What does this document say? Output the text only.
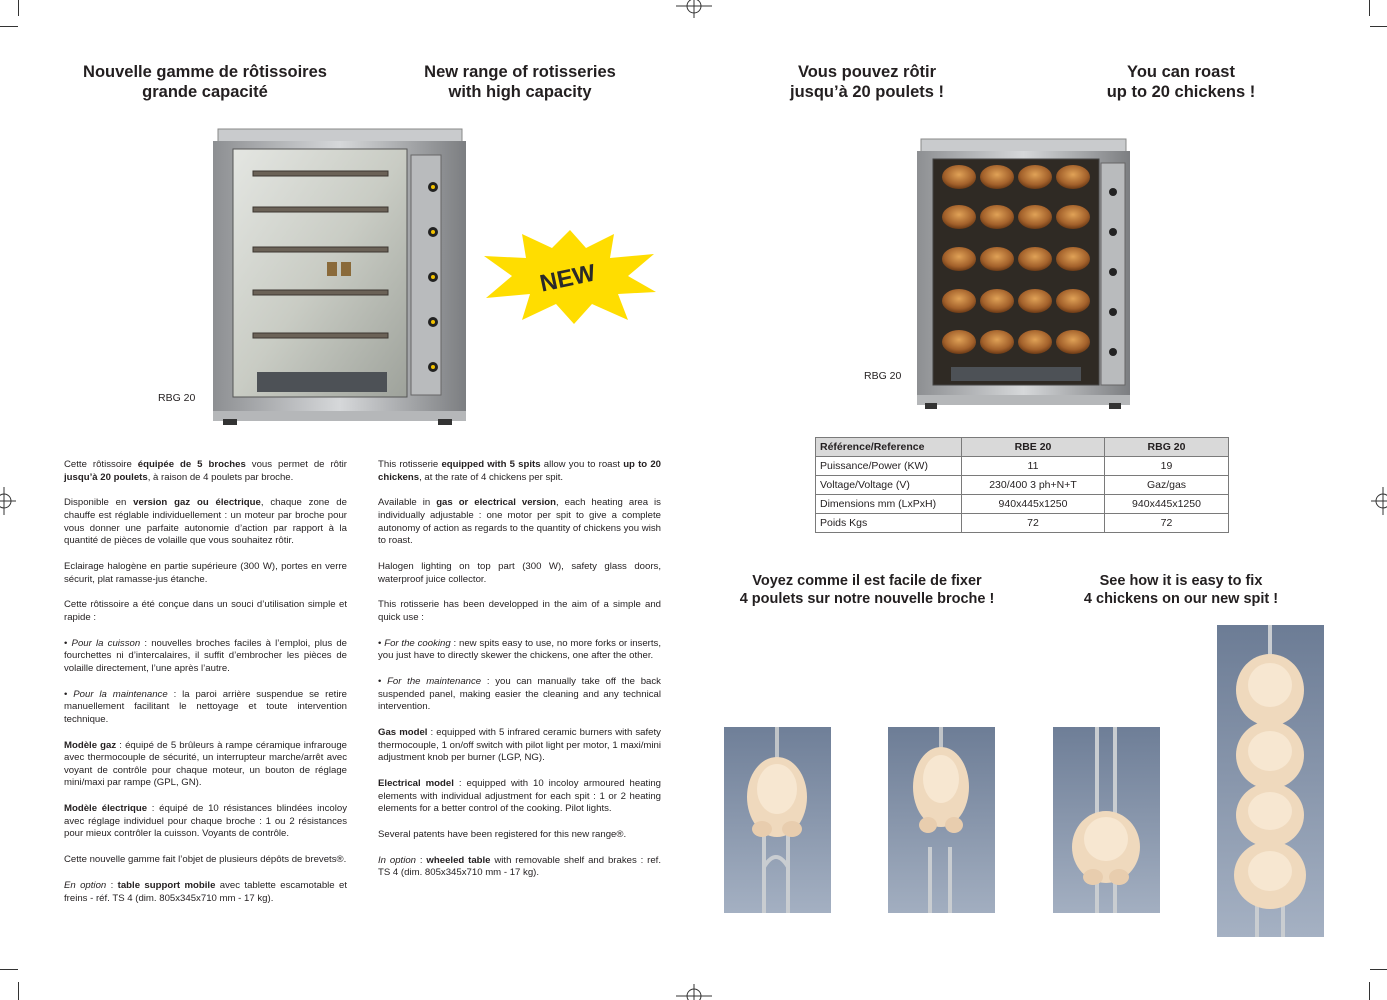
Nouvelle gamme de rôtissoires
grande capacité
New range of rotisseries
with high capacity
Vous pouvez rôtir
jusqu’à 20 poulets !
You can roast
up to 20 chickens !
RBG 20
NEW
RBG 20

Cette rôtissoire équipée de 5 broches vous permet de rôtir jusqu’à 20 poulets, à raison de 4 poulets par broche.

Disponible en version gaz ou électrique, chaque zone de chauffe est réglable individuellement : un moteur par broche pour vous donner une parfaite autonomie d’action par rapport à la quantité de pièces de volaille que vous souhaitez rôtir.

Eclairage halogène en partie supérieure (300 W), portes en verre sécurit, plat ramasse-jus étanche.

Cette rôtissoire a été conçue dans un souci d’utilisation simple et rapide :

• Pour la cuisson : nouvelles broches faciles à l’emploi, plus de fourchettes ni d’intercalaires, il suffit d’embrocher les pièces de volaille directement, l’une après l’autre.

• Pour la maintenance : la paroi arrière suspendue se retire manuellement facilitant le nettoyage et toute intervention technique.

Modèle gaz : équipé de 5 brûleurs à rampe céramique infrarouge avec thermocouple de sécurité, un interrupteur marche/arrêt avec voyant de contrôle pour chaque moteur, un bouton de réglage mini/maxi par rampe (GPL, GN).

Modèle électrique : équipé de 10 résistances blindées incoloy avec réglage individuel pour chaque broche : 1 ou 2 résistances pour mieux contrôler la cuisson. Voyants de contrôle.

Cette nouvelle gamme fait l’objet de plusieurs dépôts de brevets®.

En option : table support mobile avec tablette escamotable et freins - réf. TS 4 (dim. 805x345x710 mm - 17 kg).

This rotisserie equipped with 5 spits allow you to roast up to 20 chickens, at the rate of 4 chickens per spit.

Available in gas or electrical version, each heating area is individually adjustable : one motor per spit to give a complete autonomy of action as regards to the quantity of chickens you wish to roast.

Halogen lighting on top part (300 W), safety glass doors, waterproof juice collector.

This rotisserie has been developped in the aim of a simple and quick use :

• For the cooking : new spits easy to use, no more forks or inserts, you just have to directly skewer the chickens, one after the other.

• For the maintenance : you can manually take off the back suspended panel, making easier the cleaning and any technical intervention.

Gas model : equipped with 5 infrared ceramic burners with safety thermocouple, 1 on/off switch with pilot light per motor, 1 maxi/mini adjustment knob per burner (LGP, NG).

Electrical model : equipped with 10 incoloy armoured heating elements with individual adjustment for each spit : 1 or 2 heating elements for a better control of the cooking. Pilot lights.

Several patents have been registered for this new range®.

In option : wheeled table with removable shelf and brakes : ref. TS 4 (dim. 805x345x710 mm - 17 kg).

Référence/Reference	RBE 20	RBG 20
Puissance/Power (KW)	11	19
Voltage/Voltage (V)	230/400 3 ph+N+T	Gaz/gas
Dimensions mm (LxPxH)	940x445x1250	940x445x1250
Poids Kgs	72	72
Voyez comme il est facile de fixer
4 poulets sur notre nouvelle broche !
See how it is easy to fix
4 chickens on our new spit !
